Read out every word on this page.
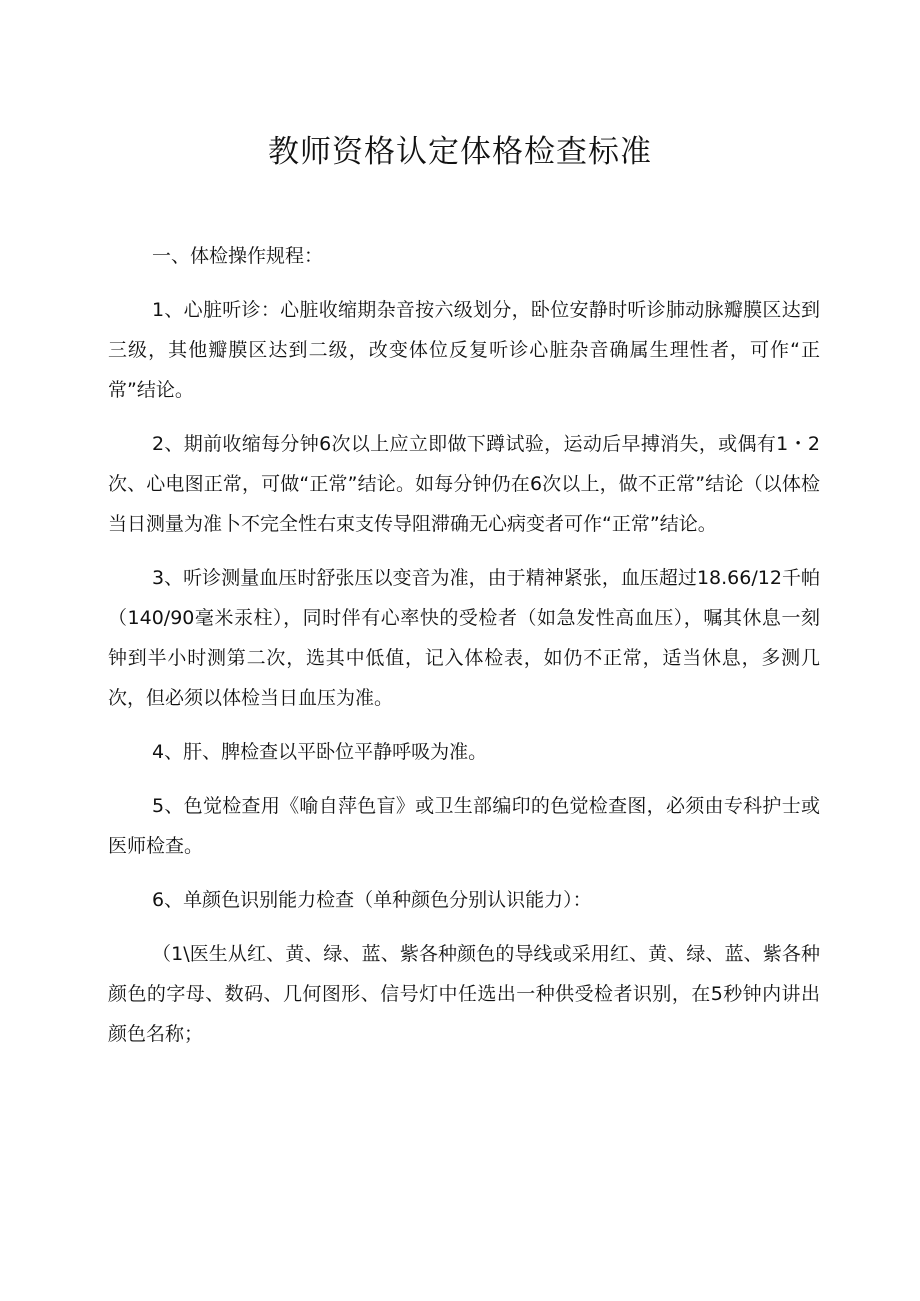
教师资格认定体格检查标准

一、体检操作规程：

1、心脏听诊：心脏收缩期杂音按六级划分，卧位安静时听诊肺动脉瓣膜区达到三级，其他瓣膜区达到二级，改变体位反复听诊心脏杂音确属生理性者，可作“正常”结论。

2、期前收缩每分钟6次以上应立即做下蹲试验，运动后早搏消失，或偶有1・2次、心电图正常，可做“正常”结论。如每分钟仍在6次以上，做不正常”结论（以体检当日测量为准卜不完全性右束支传导阻滞确无心病变者可作“正常”结论。

3、听诊测量血压时舒张压以变音为准，由于精神紧张，血压超过18.66/12千帕（140/90毫米汞柱），同时伴有心率快的受检者（如急发性高血压），嘱其休息一刻钟到半小时测第二次，选其中低值，记入体检表，如仍不正常，适当休息，多测几次，但必须以体检当日血压为准。

4、肝、脾检查以平卧位平静呼吸为准。

5、色觉检查用《喻自萍色盲》或卫生部编印的色觉检查图，必须由专科护士或医师检查。

6、单颜色识别能力检查（单种颜色分别认识能力）：

（1\医生从红、黄、绿、蓝、紫各种颜色的导线或采用红、黄、绿、蓝、紫各种颜色的字母、数码、几何图形、信号灯中任选出一种供受检者识别，在5秒钟内讲出颜色名称；
